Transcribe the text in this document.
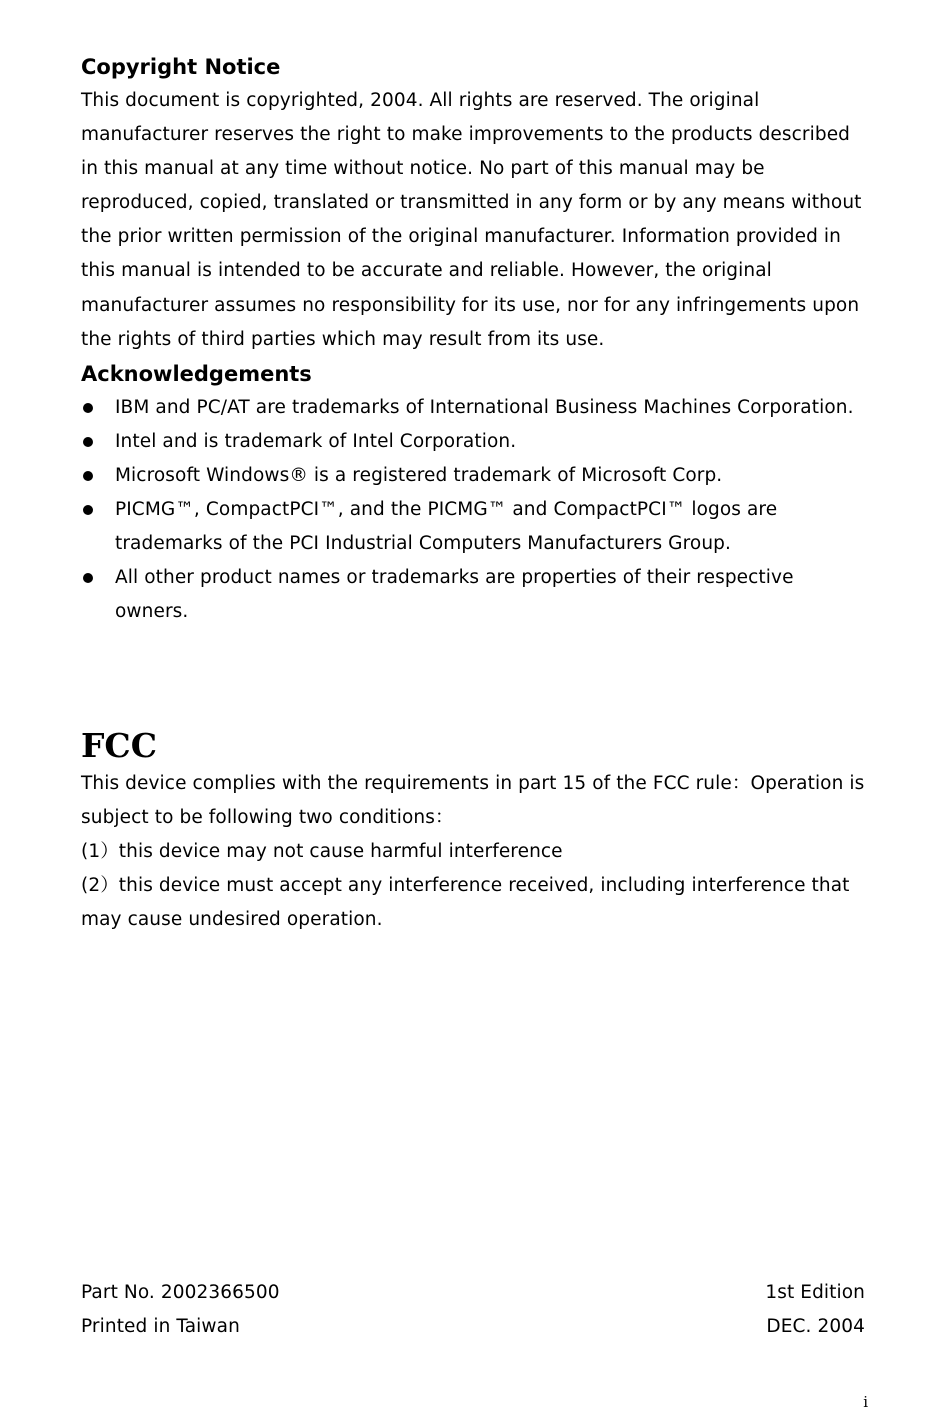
Copyright Notice

This document is copyrighted, 2004. All rights are reserved. The original manufacturer reserves the right to make improvements to the products described in this manual at any time without notice. No part of this manual may be reproduced, copied, translated or transmitted in any form or by any means without the prior written permission of the original manufacturer. Information provided in this manual is intended to be accurate and reliable. However, the original manufacturer assumes no responsibility for its use, nor for any infringements upon the rights of third parties which may result from its use.

Acknowledgements
IBM and PC/AT are trademarks of International Business Machines Corporation.
Intel and is trademark of Intel Corporation.
Microsoft Windows® is a registered trademark of Microsoft Corp.
PICMG™, CompactPCI™, and the PICMG™ and CompactPCI™ logos are trademarks of the PCI Industrial Computers Manufacturers Group.
All other product names or trademarks are properties of their respective owners.
FCC

This device complies with the requirements in part 15 of the FCC rule：Operation is subject to be following two conditions：

(1）this device may not cause harmful interference

(2）this device must accept any interference received, including interference that may cause undesired operation.

Part No. 2002366500	1st Edition
Printed in Taiwan	DEC. 2004
i
